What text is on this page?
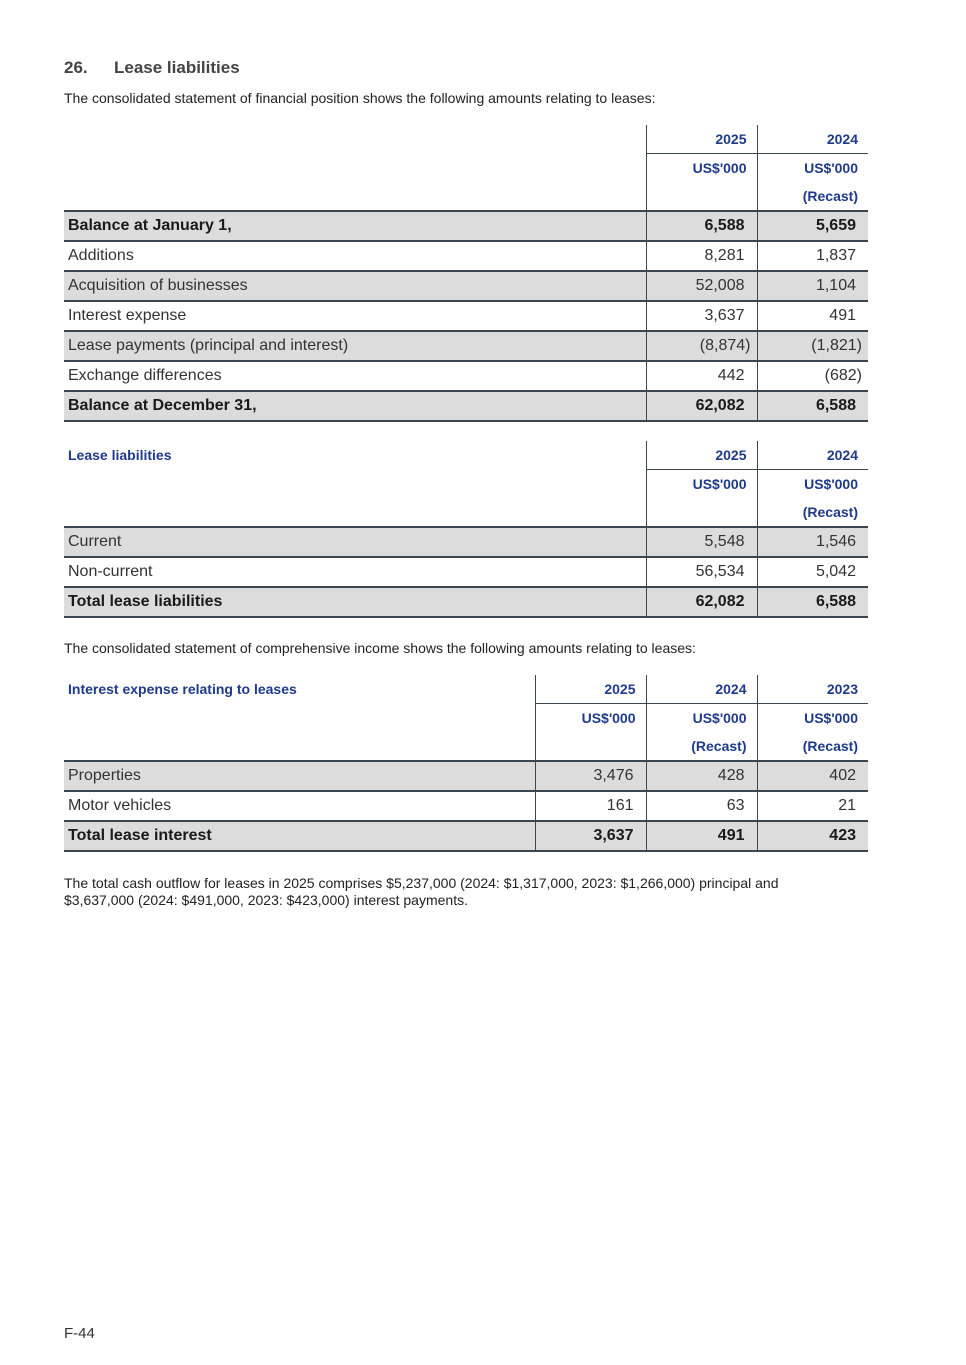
26. Lease liabilities
The consolidated statement of financial position shows the following amounts relating to leases:
	2025	2024
	US$'000	US$'000
		(Recast)
Balance at January 1,	6,588	5,659
Additions	8,281	1,837
Acquisition of businesses	52,008	1,104
Interest expense	3,637	491
Lease payments (principal and interest)	(8,874)	(1,821)
Exchange differences	442	(682)
Balance at December 31,	62,082	6,588
Lease liabilities	2025	2024
	US$'000	US$'000
		(Recast)
Current	5,548	1,546
Non-current	56,534	5,042
Total lease liabilities	62,082	6,588
The consolidated statement of comprehensive income shows the following amounts relating to leases:
Interest expense relating to leases	2025	2024	2023
	US$'000	US$'000	US$'000
		(Recast)	(Recast)
Properties	3,476	428	402
Motor vehicles	161	63	21
Total lease interest	3,637	491	423
The total cash outflow for leases in 2025 comprises $5,237,000 (2024: $1,317,000, 2023: $1,266,000) principal and
$3,637,000 (2024: $491,000, 2023: $423,000) interest payments.
F-44
